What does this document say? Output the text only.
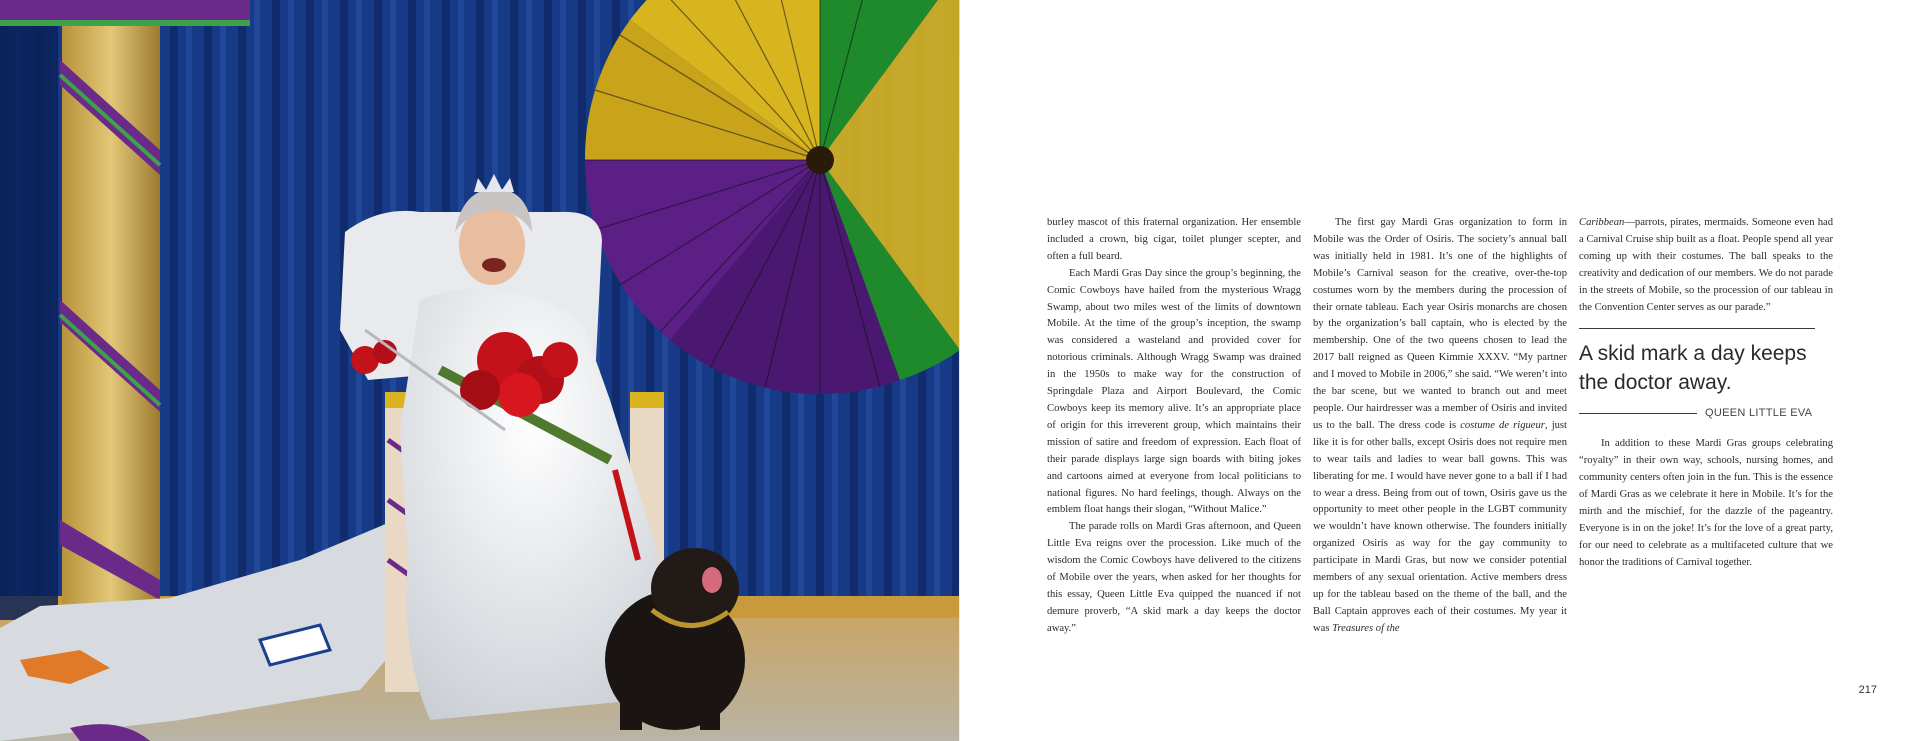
burley mascot of this fraternal organization. Her ensemble included a crown, big cigar, toilet plunger scepter, and often a full beard.

Each Mardi Gras Day since the group’s beginning, the Comic Cowboys have hailed from the mysterious Wragg Swamp, about two miles west of the limits of downtown Mobile. At the time of the group’s inception, the swamp was considered a wasteland and provided cover for notorious criminals. Although Wragg Swamp was drained in the 1950s to make way for the construction of Springdale Plaza and Airport Boulevard, the Comic Cowboys keep its memory alive. It’s an appropriate place of origin for this irreverent group, which maintains their mission of satire and freedom of expression. Each float of their parade displays large sign boards with biting jokes and cartoons aimed at everyone from local politicians to national figures. No hard feelings, though. Always on the emblem float hangs their slogan, “Without Malice.”

The parade rolls on Mardi Gras afternoon, and Queen Little Eva reigns over the procession. Like much of the wisdom the Comic Cowboys have delivered to the citizens of Mobile over the years, when asked for her thoughts for this essay, Queen Little Eva quipped the nuanced if not demure proverb, “A skid mark a day keeps the doctor away.”

The first gay Mardi Gras organization to form in Mobile was the Order of Osiris. The society’s annual ball was initially held in 1981. It’s one of the highlights of Mobile’s Carnival season for the creative, over-the-top costumes worn by the members during the procession of their ornate tableau. Each year Osiris monarchs are chosen by the organization’s ball captain, who is elected by the membership. One of the two queens chosen to lead the 2017 ball reigned as Queen Kimmie XXXV. “My partner and I moved to Mobile in 2006,” she said. “We weren’t into the bar scene, but we wanted to branch out and meet people. Our hairdresser was a member of Osiris and invited us to the ball. The dress code is costume de rigueur, just like it is for other balls, except Osiris does not require men to wear tails and ladies to wear ball gowns. This was liberating for me. I would have never gone to a ball if I had to wear a dress. Being from out of town, Osiris gave us the opportunity to meet other people in the LGBT community we wouldn’t have known otherwise. The founders initially organized Osiris as way for the gay community to participate in Mardi Gras, but now we consider potential members of any sexual orientation. Active members dress up for the tableau based on the theme of the ball, and the Ball Captain approves each of their costumes. My year it was Treasures of the

Caribbean—parrots, pirates, mermaids. Someone even had a Carnival Cruise ship built as a float. People spend all year coming up with their costumes. The ball speaks to the creativity and dedication of our members. We do not parade in the streets of Mobile, so the procession of our tableau in the Convention Center serves as our parade.”

A skid mark a day keeps the doctor away.
QUEEN LITTLE EVA

In addition to these Mardi Gras groups celebrating “royalty” in their own way, schools, nursing homes, and community centers often join in the fun. This is the essence of Mardi Gras as we celebrate it here in Mobile. It’s for the mirth and the mischief, for the dazzle of the pageantry. Everyone is in on the joke! It’s for the love of a great party, for our need to celebrate as a multifaceted culture that we honor the traditions of Carnival together.

217
